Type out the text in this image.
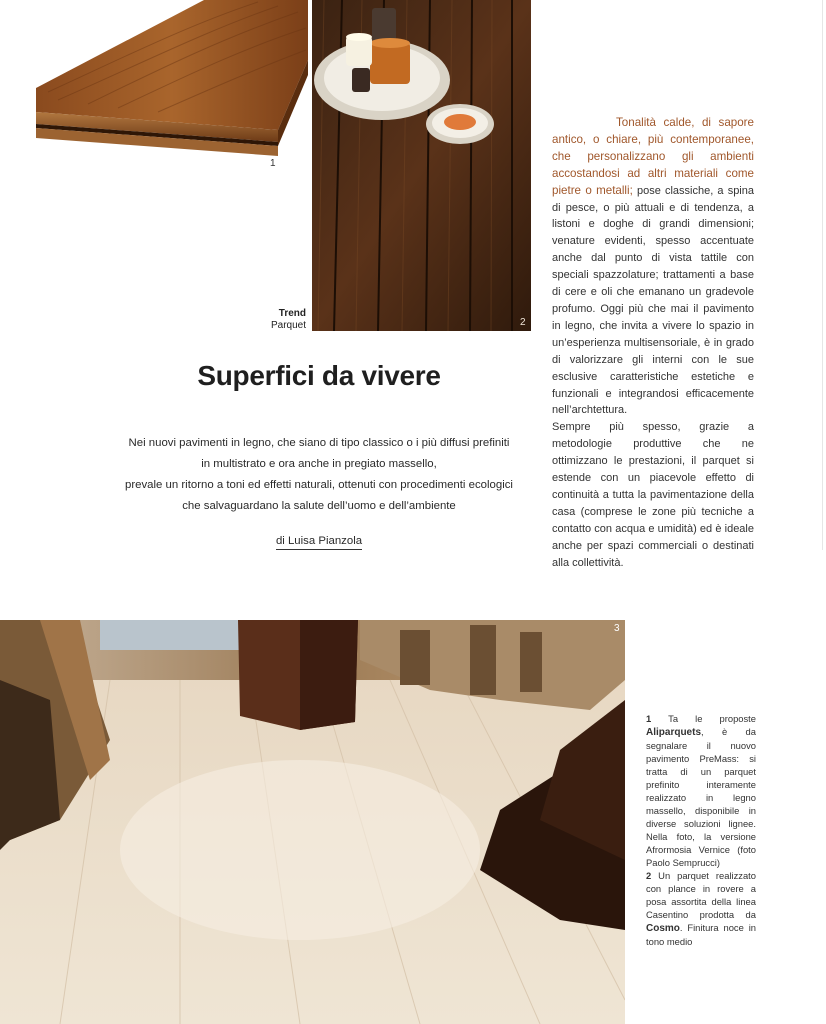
1
2
Trend
Parquet
Superfici da vivere
Nei nuovi pavimenti in legno, che siano di tipo classico o i più diffusi prefiniti
in multistrato e ora anche in pregiato massello,
prevale un ritorno a toni ed effetti naturali, ottenuti con procedimenti ecologici
che salvaguardano la salute dell’uomo e dell’ambiente
di Luisa Pianzola

Tonalità calde, di sapore antico, o chiare, più contemporanee, che personalizzano gli ambienti accostandosi ad altri materiali come pietre o metalli; pose classiche, a spina di pesce, o più attuali e di tendenza, a listoni e doghe di grandi dimensioni; venature evidenti, spesso accentuate anche dal punto di vista tattile con speciali spazzolature; trattamenti a base di cere e oli che emanano un gradevole profumo. Oggi più che mai il pavimento in legno, che invita a vivere lo spazio in un’esperienza multisensoriale, è in grado di valorizzare gli interni con le sue esclusive caratteristiche estetiche e funzionali e integrandosi efficacemente nell’archtettura.

Sempre più spesso, grazie a metodologie produttive che ne ottimizzano le prestazioni, il parquet si estende con un piacevole effetto di continuità a tutta la pavimentazione della casa (comprese le zone più tecniche a contatto con acqua e umidità) ed è ideale anche per spazi commerciali o destinati alla collettività.

3

1 Ta le proposte Aliparquets, è da segnalare il nuovo pavimento PreMass: si tratta di un parquet prefinito interamente realizzato in legno massello, disponibile in diverse soluzioni lignee. Nella foto, la versione Afrormosia Vernice (foto Paolo Semprucci)

2 Un parquet realizzato con plance in rovere a posa assortita della linea Casentino prodotta da Cosmo. Finitura noce in tono medio
